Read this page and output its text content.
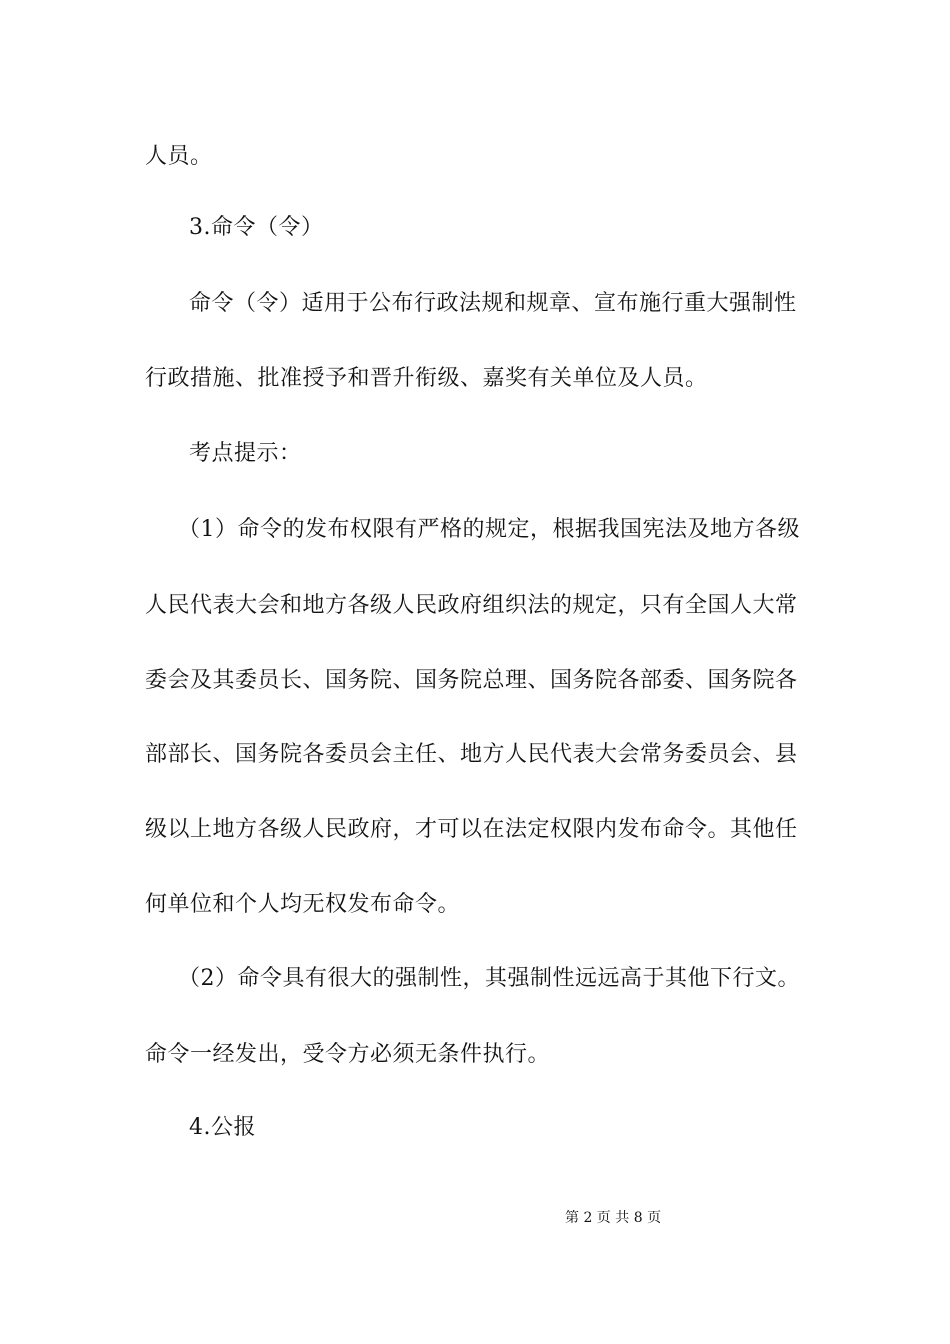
人员。
3.命令（令）
命令（令）适用于公布行政法规和规章、宣布施行重大强制性
行政措施、批准授予和晋升衔级、嘉奖有关单位及人员。
考点提示：
（1）命令的发布权限有严格的规定，根据我国宪法及地方各级
人民代表大会和地方各级人民政府组织法的规定，只有全国人大常
委会及其委员长、国务院、国务院总理、国务院各部委、国务院各
部部长、国务院各委员会主任、地方人民代表大会常务委员会、县
级以上地方各级人民政府，才可以在法定权限内发布命令。其他任
何单位和个人均无权发布命令。
（2）命令具有很大的强制性，其强制性远远高于其他下行文。
命令一经发出，受令方必须无条件执行。
4.公报
第 2 页 共 8 页
